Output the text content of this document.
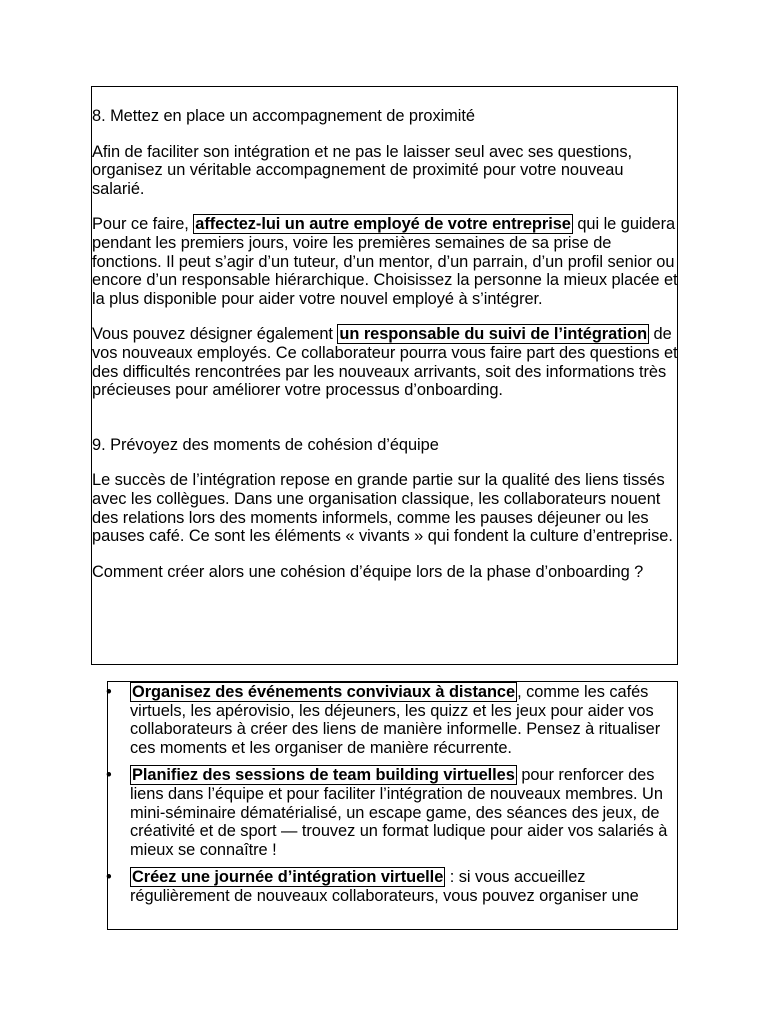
8. Mettez en place un accompagnement de proximité

Afin de faciliter son intégration et ne pas le laisser seul avec ses questions, organisez un véritable accompagnement de proximité pour votre nouveau salarié.

Pour ce faire, affectez-lui un autre employé de votre entreprise qui le guidera pendant les premiers jours, voire les premières semaines de sa prise de fonctions. Il peut s’agir d’un tuteur, d’un mentor, d’un parrain, d’un profil senior ou encore d’un responsable hiérarchique. Choisissez la personne la mieux placée et la plus disponible pour aider votre nouvel employé à s’intégrer.

Vous pouvez désigner également un responsable du suivi de l’intégration de vos nouveaux employés. Ce collaborateur pourra vous faire part des questions et des difficultés rencontrées par les nouveaux arrivants, soit des informations très précieuses pour améliorer votre processus d’onboarding.

9. Prévoyez des moments de cohésion d’équipe

Le succès de l’intégration repose en grande partie sur la qualité des liens tissés avec les collègues. Dans une organisation classique, les collaborateurs nouent des relations lors des moments informels, comme les pauses déjeuner ou les pauses café. Ce sont les éléments « vivants » qui fondent la culture d’entreprise.

Comment créer alors une cohésion d’équipe lors de la phase d’onboarding ?

• Organisez des événements conviviaux à distance , comme les cafés virtuels, les apérovisio, les déjeuners, les quizz et les jeux pour aider vos collaborateurs à créer des liens de manière informelle. Pensez à ritualiser ces moments et les organiser de manière récurrente.
• Planifiez des sessions de team building virtuelles pour renforcer des liens dans l’équipe et pour faciliter l’intégration de nouveaux membres. Un mini-séminaire dématérialisé, un escape game, des séances des jeux, de créativité et de sport — trouvez un format ludique pour aider vos salariés à mieux se connaître !
• Créez une journée d’intégration virtuelle : si vous accueillez régulièrement de nouveaux collaborateurs, vous pouvez organiser une
